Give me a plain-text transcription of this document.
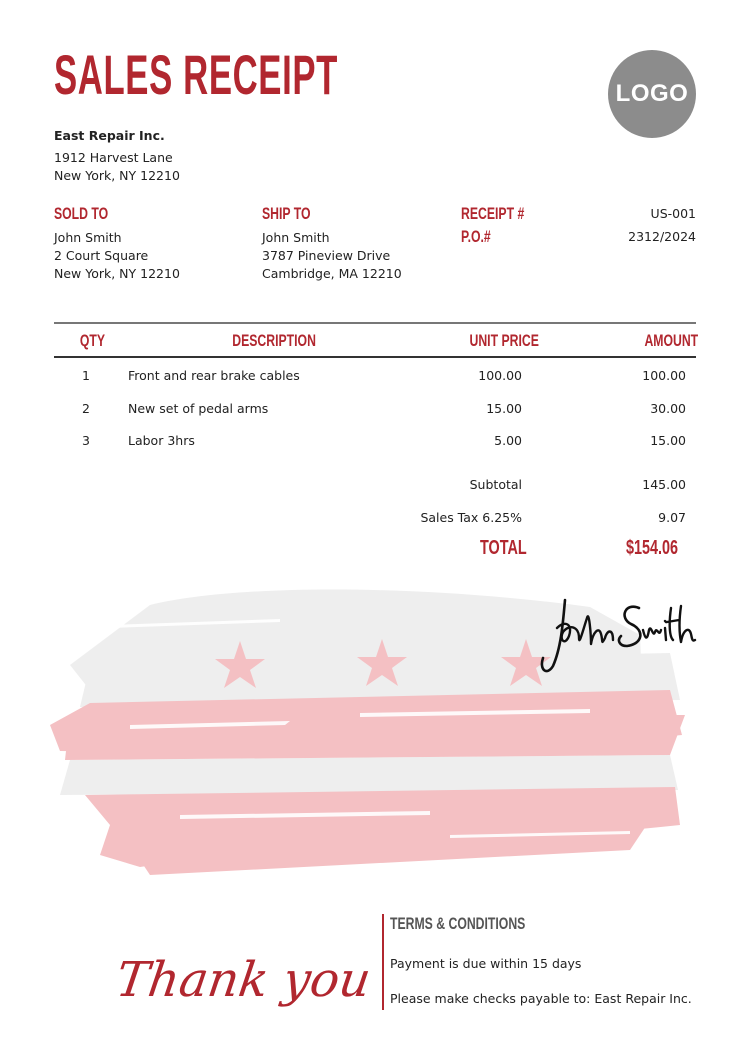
SALES RECEIPT	LOGO
East Repair Inc.
1912 Harvest Lane
New York, NY 12210
SOLD TO
John Smith
2 Court Square
New York, NY 12210
SHIP TO
John Smith
3787 Pineview Drive
Cambridge, MA 12210
RECEIPT #	US-001
P.O.#	2312/2024
QTY	DESCRIPTION	UNIT PRICE	AMOUNT
1	Front and rear brake cables	100.00	100.00
2	New set of pedal arms	15.00	30.00
3	Labor 3hrs	5.00	15.00
Subtotal	145.00
Sales Tax 6.25%	9.07
TOTAL	$154.06
Thank you
TERMS & CONDITIONS
Payment is due within 15 days
Please make checks payable to: East Repair Inc.
